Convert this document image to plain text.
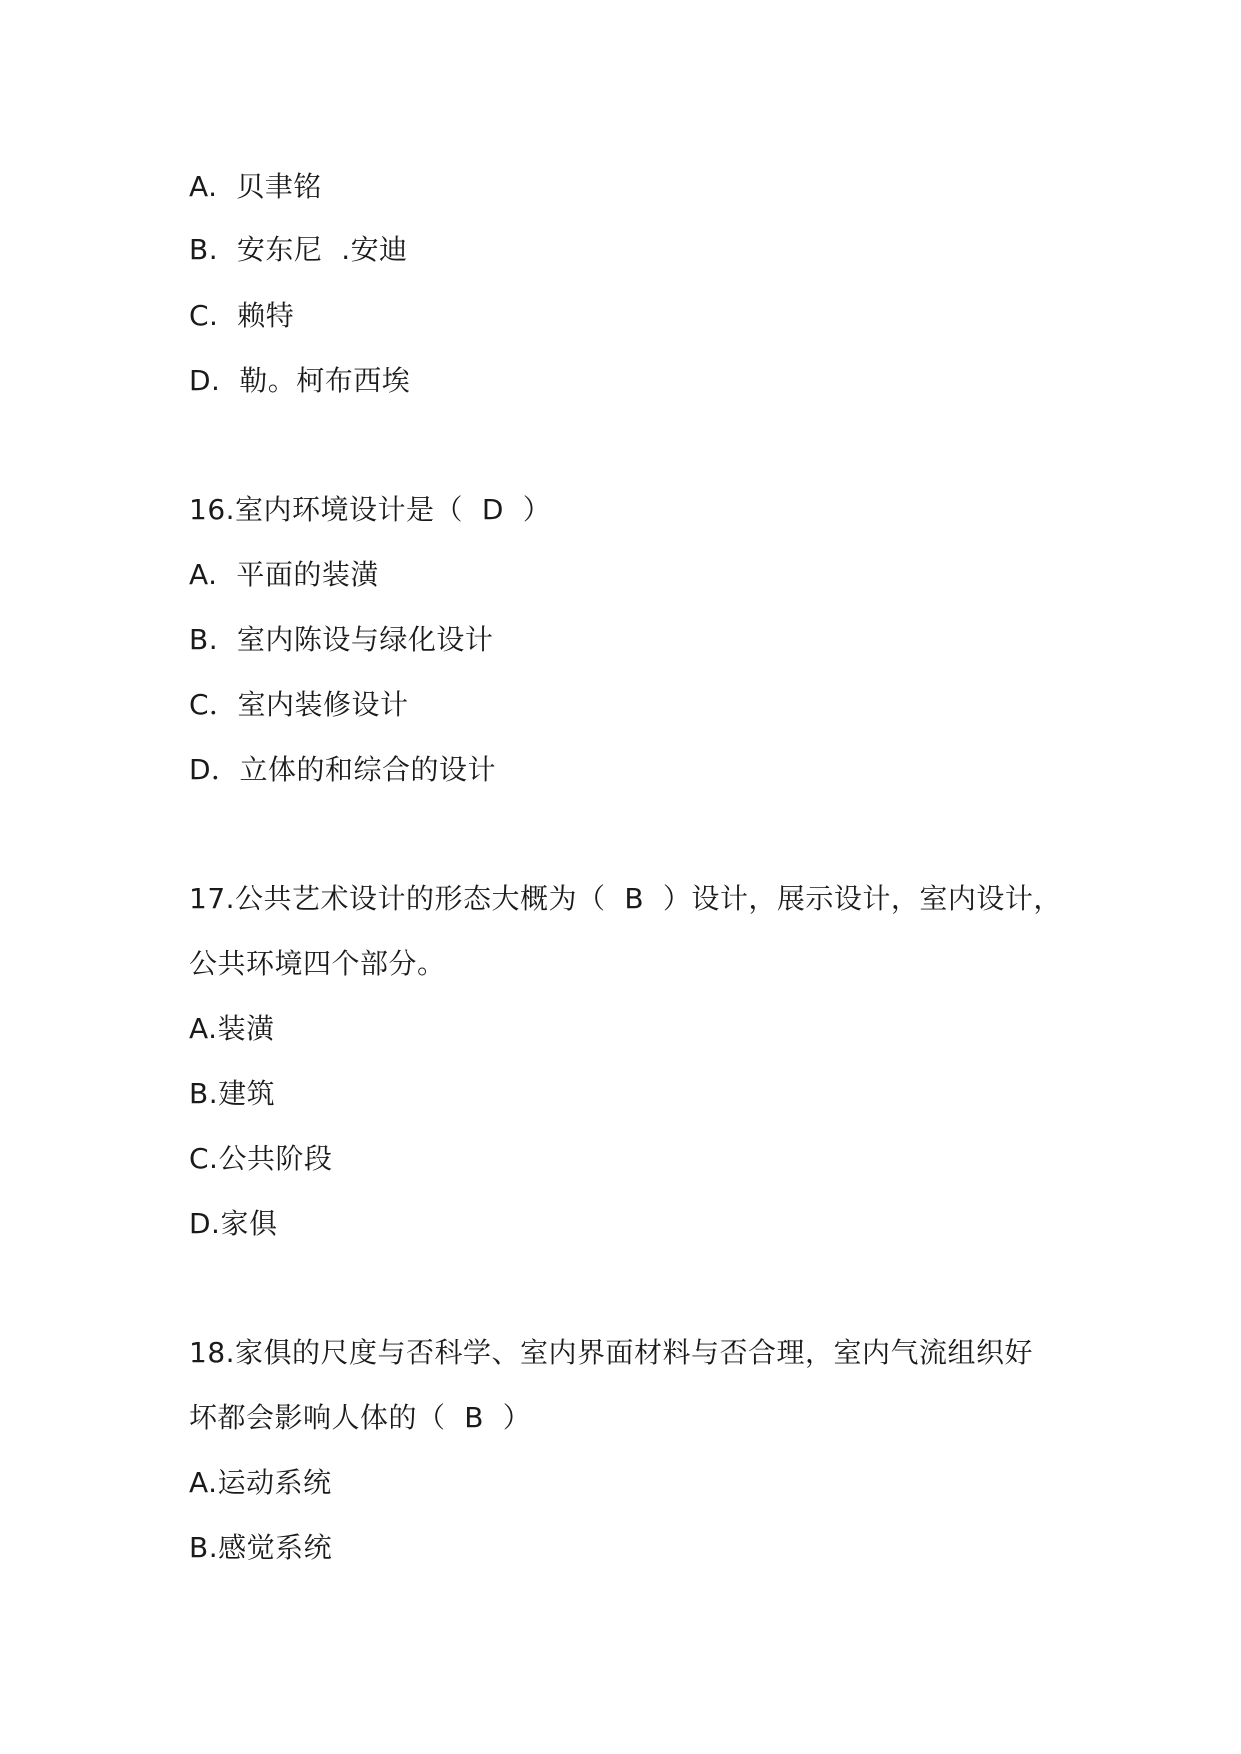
A.  贝聿铭
B.  安东尼  .安迪
C.  赖特
D.  勒。柯布西埃
16.室内环境设计是（  D  ）
A.  平面的装潢
B.  室内陈设与绿化设计
C．室内装修设计
D．立体的和综合的设计
17.公共艺术设计的形态大概为（  B  ）设计，展示设计，室内设计，
公共环境四个部分。
A.装潢
B.建筑
C.公共阶段
D.家俱
18.家俱的尺度与否科学、室内界面材料与否合理，室内气流组织好
坏都会影响人体的（  B  ）
A.运动系统
B.感觉系统
